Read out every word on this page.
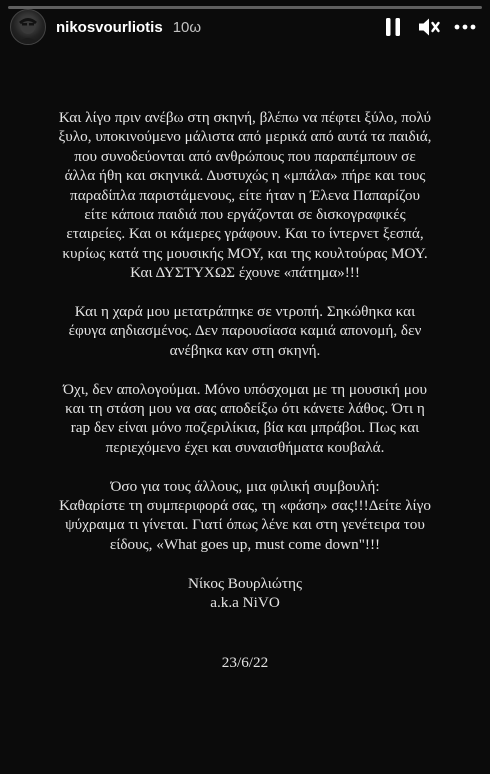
nikosvourliotis 10ω
Και λίγο πριν ανέβω στη σκηνή, βλέπω να πέφτει ξύλο, πολύ
ξυλο, υποκινούμενο μάλιστα από μερικά από αυτά τα παιδιά,
που συνοδεύονται από ανθρώπους που παραπέμπουν σε
άλλα ήθη και σκηνικά. Δυστυχώς η «μπάλα» πήρε και τους
παραδίπλα παριστάμενους, είτε ήταν η Έλενα Παπαρίζου
είτε κάποια παιδιά που εργάζονται σε δισκογραφικές
εταιρείες. Και οι κάμερες γράφουν. Και το ίντερνετ ξεσπά,
κυρίως κατά της μουσικής ΜΟΥ, και της κουλτούρας ΜΟΥ.
Και ΔΥΣΤΥΧΩΣ έχουνε «πάτημα»!!!
Και η χαρά μου μετατράπηκε σε ντροπή. Σηκώθηκα και
έφυγα αηδιασμένος. Δεν παρουσίασα καμιά απονομή, δεν
ανέβηκα καν στη σκηνή.
Όχι, δεν απολογούμαι. Μόνο υπόσχομαι με τη μουσική μου
και τη στάση μου να σας αποδείξω ότι κάνετε λάθος. Ότι η
rap δεν είναι μόνο ποζεριλίκια, βία και μπράβοι. Πως και
περιεχόμενο έχει και συναισθήματα κουβαλά.
Όσο για τους άλλους, μια φιλική συμβουλή:
Καθαρίστε τη συμπεριφορά σας, τη «φάση» σας!!!Δείτε λίγο
ψύχραιμα τι γίνεται. Γιατί όπως λένε και στη γενέτειρα του
είδους, «What goes up, must come down"!!!
Νίκος Βουρλιώτης
a.k.a NiVO
23/6/22
